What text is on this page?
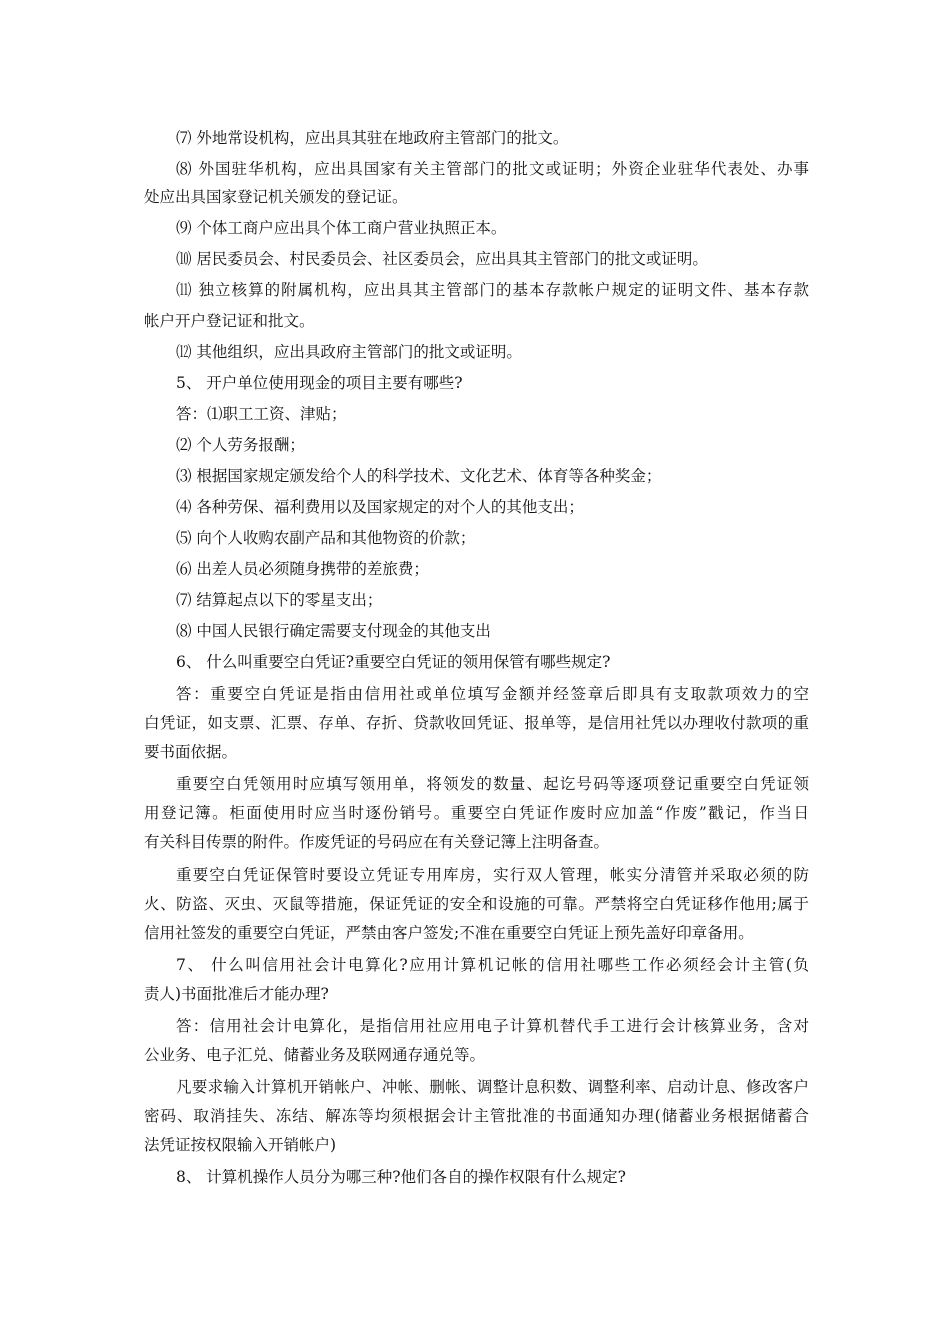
⑺ 外地常设机构，应出具其驻在地政府主管部门的批文。
⑻ 外国驻华机构，应出具国家有关主管部门的批文或证明；外资企业驻华代表处、办事
处应出具国家登记机关颁发的登记证。
⑼ 个体工商户应出具个体工商户营业执照正本。
⑽ 居民委员会、村民委员会、社区委员会，应出具其主管部门的批文或证明。
⑾ 独立核算的附属机构，应出具其主管部门的基本存款帐户规定的证明文件、基本存款
帐户开户登记证和批文。
⑿ 其他组织，应出具政府主管部门的批文或证明。
5、 开户单位使用现金的项目主要有哪些?
答：⑴职工工资、津贴；
⑵ 个人劳务报酬；
⑶ 根据国家规定颁发给个人的科学技术、文化艺术、体育等各种奖金；
⑷ 各种劳保、福利费用以及国家规定的对个人的其他支出；
⑸ 向个人收购农副产品和其他物资的价款；
⑹ 出差人员必须随身携带的差旅费；
⑺ 结算起点以下的零星支出；
⑻ 中国人民银行确定需要支付现金的其他支出
6、 什么叫重要空白凭证?重要空白凭证的领用保管有哪些规定?
答：重要空白凭证是指由信用社或单位填写金额并经签章后即具有支取款项效力的空
白凭证，如支票、汇票、存单、存折、贷款收回凭证、报单等，是信用社凭以办理收付款项的重
要书面依据。
重要空白凭领用时应填写领用单，将领发的数量、起讫号码等逐项登记重要空白凭证领
用登记簿。柜面使用时应当时逐份销号。重要空白凭证作废时应加盖“作废”戳记，作当日
有关科目传票的附件。作废凭证的号码应在有关登记簿上注明备查。
重要空白凭证保管时要设立凭证专用库房，实行双人管理，帐实分清管并采取必须的防
火、防盗、灭虫、灭鼠等措施，保证凭证的安全和设施的可靠。严禁将空白凭证移作他用;属于
信用社签发的重要空白凭证，严禁由客户签发;不准在重要空白凭证上预先盖好印章备用。
7、 什么叫信用社会计电算化?应用计算机记帐的信用社哪些工作必须经会计主管(负
责人)书面批准后才能办理?
答：信用社会计电算化，是指信用社应用电子计算机替代手工进行会计核算业务，含对
公业务、电子汇兑、储蓄业务及联网通存通兑等。
凡要求输入计算机开销帐户、冲帐、删帐、调整计息积数、调整利率、启动计息、修改客户
密码、取消挂失、冻结、解冻等均须根据会计主管批准的书面通知办理(储蓄业务根据储蓄合
法凭证按权限输入开销帐户)
8、 计算机操作人员分为哪三种?他们各自的操作权限有什么规定?
